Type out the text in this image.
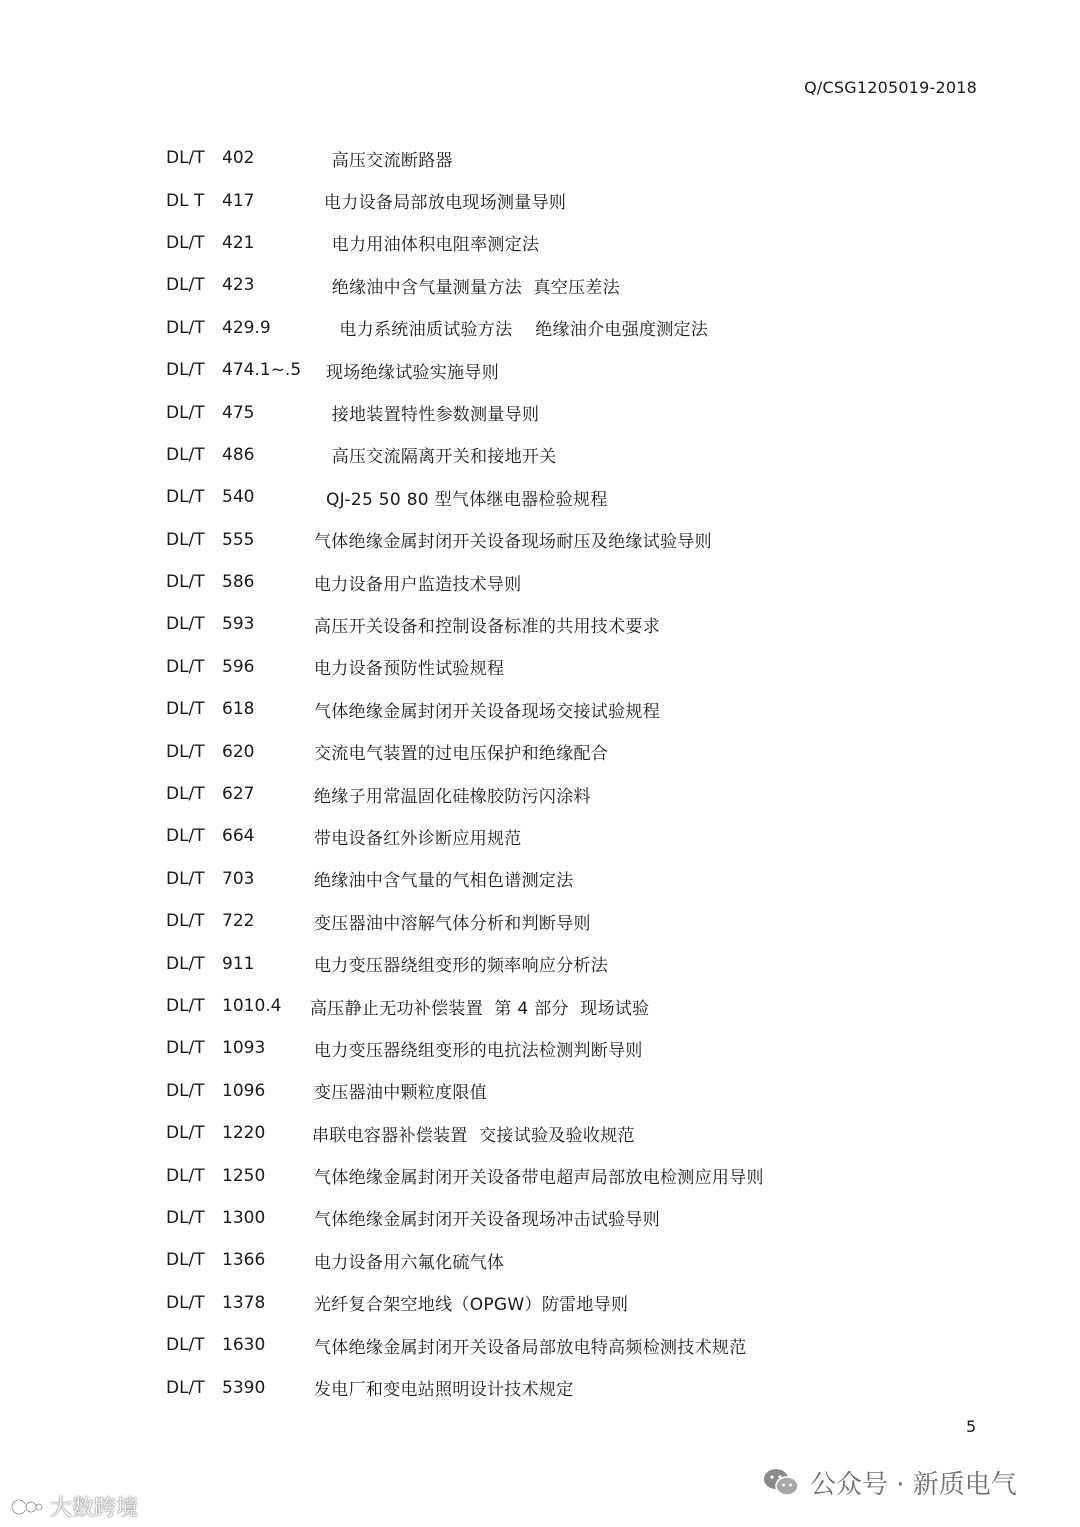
Q/CSG1205019-2018
DL/T	402	高压交流断路器
DL T	417	电力设备局部放电现场测量导则
DL/T	421	电力用油体积电阻率测定法
DL/T	423	绝缘油中含气量测量方法  真空压差法
DL/T	429.9	电力系统油质试验方法    绝缘油介电强度测定法
DL/T	474.1~.5	现场绝缘试验实施导则
DL/T	475	接地装置特性参数测量导则
DL/T	486	高压交流隔离开关和接地开关
DL/T	540	QJ-25 50 80 型气体继电器检验规程
DL/T	555	气体绝缘金属封闭开关设备现场耐压及绝缘试验导则
DL/T	586	电力设备用户监造技术导则
DL/T	593	高压开关设备和控制设备标准的共用技术要求
DL/T	596	电力设备预防性试验规程
DL/T	618	气体绝缘金属封闭开关设备现场交接试验规程
DL/T	620	交流电气装置的过电压保护和绝缘配合
DL/T	627	绝缘子用常温固化硅橡胶防污闪涂料
DL/T	664	带电设备红外诊断应用规范
DL/T	703	绝缘油中含气量的气相色谱测定法
DL/T	722	变压器油中溶解气体分析和判断导则
DL/T	911	电力变压器绕组变形的频率响应分析法
DL/T	1010.4	高压静止无功补偿装置  第 4 部分  现场试验
DL/T	1093	电力变压器绕组变形的电抗法检测判断导则
DL/T	1096	变压器油中颗粒度限值
DL/T	1220	串联电容器补偿装置  交接试验及验收规范
DL/T	1250	气体绝缘金属封闭开关设备带电超声局部放电检测应用导则
DL/T	1300	气体绝缘金属封闭开关设备现场冲击试验导则
DL/T	1366	电力设备用六氟化硫气体
DL/T	1378	光纤复合架空地线（OPGW）防雷地导则
DL/T	1630	气体绝缘金属封闭开关设备局部放电特高频检测技术规范
DL/T	5390	发电厂和变电站照明设计技术规定
5
公众号 · 新质电气
大数跨境
